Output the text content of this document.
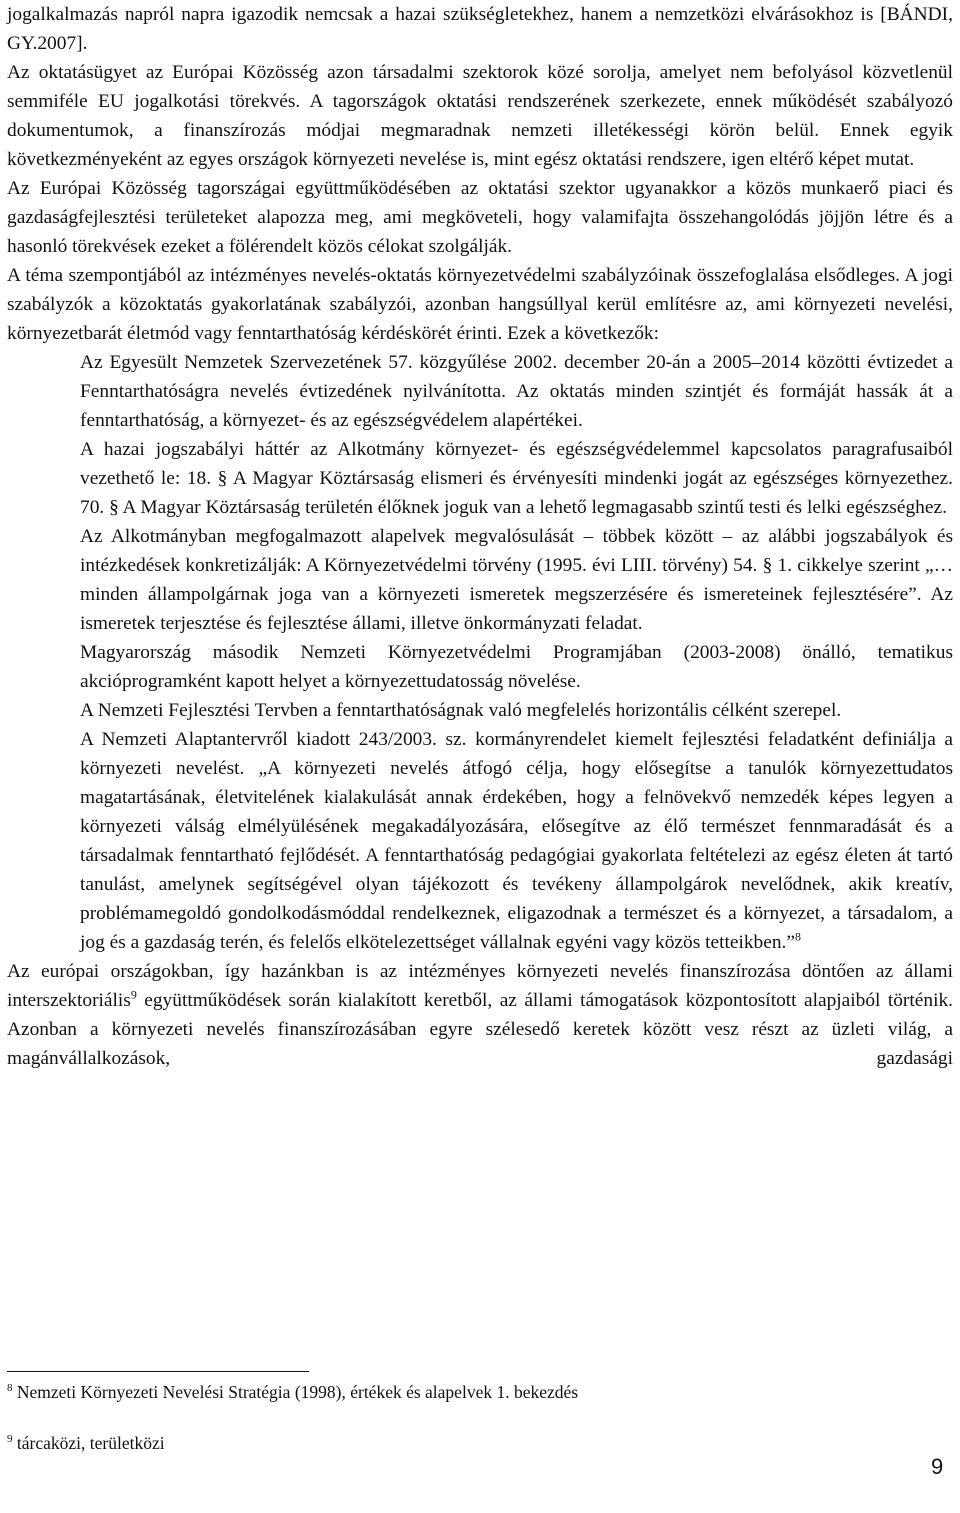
jogalkalmazás napról napra igazodik nemcsak a hazai szükségletekhez, hanem a nemzetközi elvárásokhoz is [BÁNDI, GY.2007].

Az oktatásügyet az Európai Közösség azon társadalmi szektorok közé sorolja, amelyet nem befolyásol közvetlenül semmiféle EU jogalkotási törekvés. A tagországok oktatási rendszerének szerkezete, ennek működését szabályozó dokumentumok, a finanszírozás módjai megmaradnak nemzeti illetékességi körön belül. Ennek egyik következményeként az egyes országok környezeti nevelése is, mint egész oktatási rendszere, igen eltérő képet mutat.

Az Európai Közösség tagországai együttműködésében az oktatási szektor ugyanakkor a közös munkaerő piaci és gazdaságfejlesztési területeket alapozza meg, ami megköveteli, hogy valamifajta összehangolódás jöjjön létre és a hasonló törekvések ezeket a fölérendelt közös célokat szolgálják.

A téma szempontjából az intézményes nevelés-oktatás környezetvédelmi szabályzóinak összefoglalása elsődleges. A jogi szabályzók a közoktatás gyakorlatának szabályzói, azonban hangsúllyal kerül említésre az, ami környezeti nevelési, környezetbarát életmód vagy fenntarthatóság kérdéskörét érinti. Ezek a következők:

Az Egyesült Nemzetek Szervezetének 57. közgyűlése 2002. december 20-án a 2005–2014 közötti évtizedet a Fenntarthatóságra nevelés évtizedének nyilvánította. Az oktatás minden szintjét és formáját hassák át a fenntarthatóság, a környezet- és az egészségvédelem alapértékei.

A hazai jogszabályi háttér az Alkotmány környezet- és egészségvédelemmel kapcsolatos paragrafusaiból vezethető le: 18. § A Magyar Köztársaság elismeri és érvényesíti mindenki jogát az egészséges környezethez. 70. § A Magyar Köztársaság területén élőknek joguk van a lehető legmagasabb szintű testi és lelki egészséghez.

Az Alkotmányban megfogalmazott alapelvek megvalósulását – többek között – az alábbi jogszabályok és intézkedések konkretizálják: A Környezetvédelmi törvény (1995. évi LIII. törvény) 54. § 1. cikkelye szerint „…minden állampolgárnak joga van a környezeti ismeretek megszerzésére és ismereteinek fejlesztésére”. Az ismeretek terjesztése és fejlesztése állami, illetve önkormányzati feladat.

Magyarország második Nemzeti Környezetvédelmi Programjában (2003-2008) önálló, tematikus akcióprogramként kapott helyet a környezettudatosság növelése.

A Nemzeti Fejlesztési Tervben a fenntarthatóságnak való megfelelés horizontális célként szerepel.

A Nemzeti Alaptantervről kiadott 243/2003. sz. kormányrendelet kiemelt fejlesztési feladatként definiálja a környezeti nevelést. „A környezeti nevelés átfogó célja, hogy elősegítse a tanulók környezettudatos magatartásának, életvitelének kialakulását annak érdekében, hogy a felnövekvő nemzedék képes legyen a környezeti válság elmélyülésének megakadályozására, elősegítve az élő természet fennmaradását és a társadalmak fenntartható fejlődését. A fenntarthatóság pedagógiai gyakorlata feltételezi az egész életen át tartó tanulást, amelynek segítségével olyan tájékozott és tevékeny állampolgárok nevelődnek, akik kreatív, problémamegoldó gondolkodásmóddal rendelkeznek, eligazodnak a természet és a környezet, a társadalom, a jog és a gazdaság terén, és felelős elkötelezettséget vállalnak egyéni vagy közös tetteikben.”$^8$

Az európai országokban, így hazánkban is az intézményes környezeti nevelés finanszírozása döntően az állami interszektoriális$^9$ együttműködések során kialakított keretből, az állami támogatások központosított alapjaiból történik. Azonban a környezeti nevelés finanszírozásában egyre szélesedő keretek között vesz részt az üzleti világ, a magánvállalkozások, gazdasági

$^8$ Nemzeti Környezeti Nevelési Stratégia (1998), értékek és alapelvek 1. bekezdés
$^9$ tárcaközi, területközi
9
